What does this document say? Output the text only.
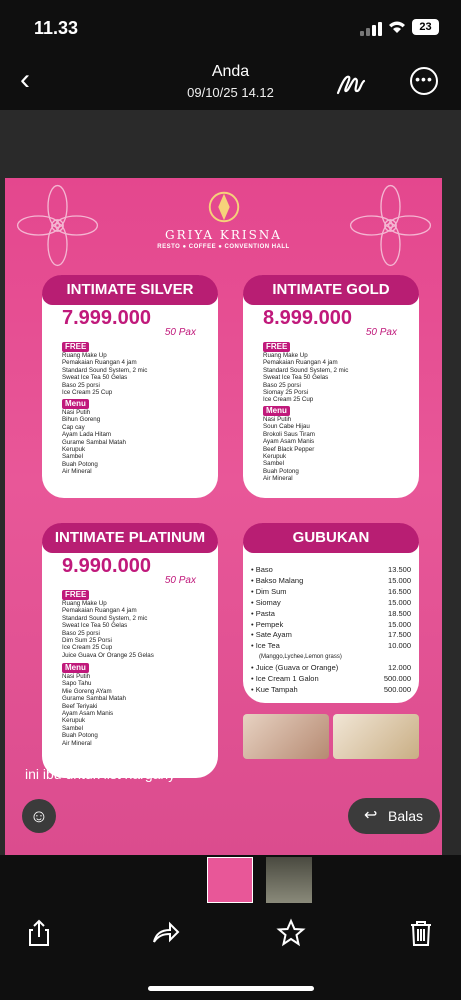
11.33	23
‹	Anda
09/10/25 14.12
•••
GRIYA KRISNA
RESTO ● COFFEE ● CONVENTION HALL
INTIMATE SILVER
7.999.000
50 Pax
FREE
Ruang Make Up
Pemakaian Ruangan 4 jam
Standard Sound System, 2 mic
Sweat Ice Tea 50 Gelas
Baso 25 porsi
Ice Cream 25 Cup
Menu
Nasi Putih
Bihun Goreng
Cap cay
Ayam Lada Hitam
Gurame Sambal Matah
Kerupuk
Sambel
Buah Potong
Air Mineral
INTIMATE GOLD
8.999.000
50 Pax
FREE
Ruang Make Up
Pemakaian Ruangan 4 jam
Standard Sound System, 2 mic
Sweat Ice Tea 50 Gelas
Baso 25 porsi
Siomay 25 Porsi
Ice Cream 25 Cup
Menu
Nasi Putih
Soun Cabe Hijau
Brokoli Saus Tiram
Ayam Asam Manis
Beef Black Pepper
Kerupuk
Sambel
Buah Potong
Air Mineral
INTIMATE PLATINUM
9.990.000
50 Pax
FREE
Ruang Make Up
Pemakaian Ruangan 4 jam
Standard Sound System, 2 mic
Sweat Ice Tea 50 Gelas
Baso 25 porsi
Dim Sum 25 Porsi
Ice Cream 25 Cup
Juice Guava Or Orange 25 Gelas
Menu
Nasi Putih
Sapo Tahu
Mie Goreng AYam
Gurame Sambal Matah
Beef Teriyaki
Ayam Asam Manis
Kerupuk
Sambel
Buah Potong
Air Mineral
GUBUKAN
• Baso	13.500
• Bakso Malang	15.000
• Dim Sum	16.500
• Siomay	15.000
• Pasta	18.500
• Pempek	15.000
• Sate Ayam	17.500
• Ice Tea	10.000
(Manggo,Lychee,Lemon grass)
• Juice (Guava or Orange)	12.000
• Ice Cream 1 Galon	500.000
• Kue Tampah	500.000
ini ibu untuk list hargany
☺	↩ Balas
